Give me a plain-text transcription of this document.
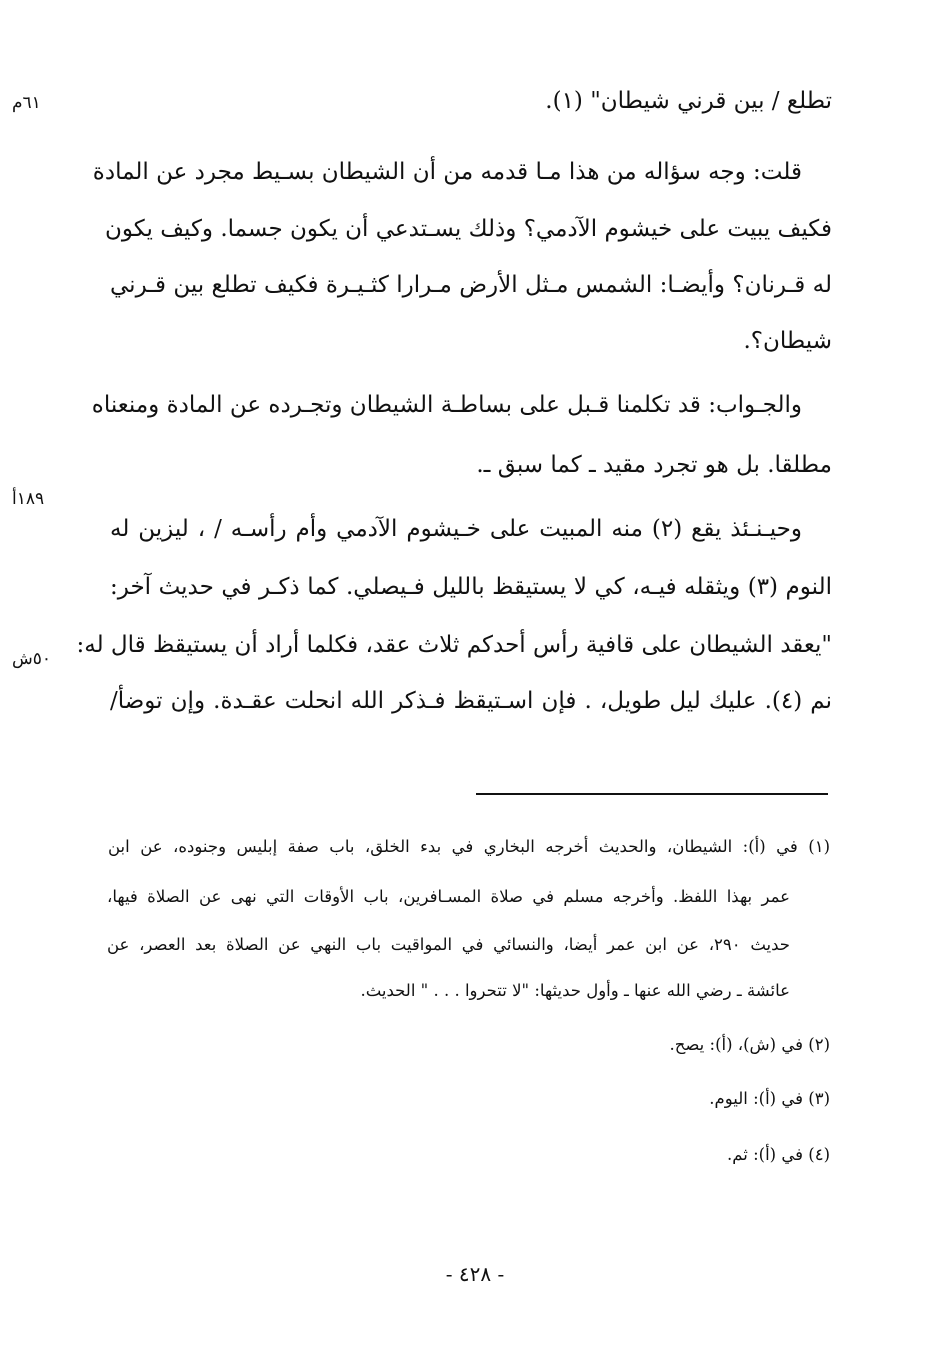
٦١م
١٨٩أ
٥٠ش
تطلع / بين قرني شيطان" (١).
قلت: وجه سؤاله من هذا مـا قدمه من أن الشيطان بسـيط مجرد عن المادة
فكيف يبيت على خيشوم الآدمي؟ وذلك يسـتدعي أن يكون جسما. وكيف يكون
له قـرنان؟ وأيضـا: الشمس مـثل الأرض مـرارا كثـيـرة فكيف تطلع بين قـرني
شيطان؟.
والجـواب: قد تكلمنا قـبل على بساطـة الشيطان وتجـرده عن المادة ومنعناه
مطلقا. بل هو تجرد مقيد ـ كما سبق ـ.
وحيـنـئذ يقع (٢) منه المبيت على خـيشوم الآدمي وأم رأسـه / ، ليزين له
النوم (٣) ويثقله فيـه، كي لا يستيقظ بالليل فـيصلي. كما ذكـر في حديث آخر:
"يعقد الشيطان على قافية رأس أحدكم ثلاث عقد، فكلما أراد أن يستيقظ قال له:
نم (٤). عليك ليل طويل، . فإن اسـتيقظ فـذكر الله انحلت عقـدة. وإن توضأ/
(١) في (أ): الشيطان، والحديث أخرجه البخاري في بدء الخلق، باب صفة إبليس وجنوده، عن ابن
عمر بهذا اللفظ. وأخرجه مسلم في صلاة المسـافرين، باب الأوقات التي نهى عن الصلاة فيها،
حديث ٢٩٠، عن ابن عمر أيضا، والنسائي في المواقيت باب النهي عن الصلاة بعد العصر، عن
عائشة ـ رضي الله عنها ـ وأول حديثها: "لا تتحروا . . . " الحديث.
(٢) في (ش)، (أ): يصح.
(٣) في (أ): اليوم.
(٤) في (أ): ثم.
- ٤٢٨ -
